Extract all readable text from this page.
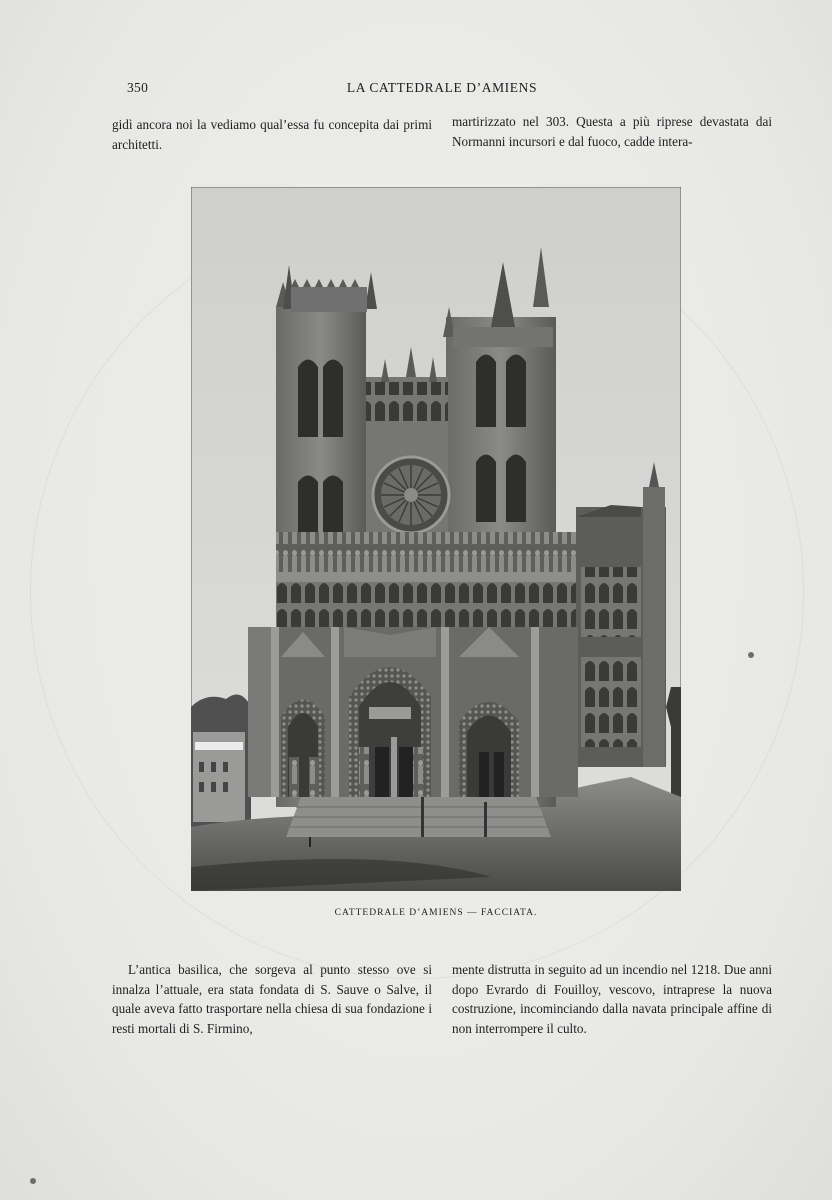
350	LA CATTEDRALE D’AMIENS

gidì ancora noi la vediamo qual’essa fu concepita dai primi architetti.

martirizzato nel 303. Questa a più riprese devastata dai Normanni incursori e dal fuoco, cadde intera-

CATTEDRALE D’AMIENS — FACCIATA.

L’antica basilica, che sorgeva al punto stesso ove si innalza l’attuale, era stata fondata di S. Sauve o Salve, il quale aveva fatto trasportare nella chiesa di sua fondazione i resti mortali di S. Firmino,

mente distrutta in seguito ad un incendio nel 1218. Due anni dopo Evrardo di Fouilloy, vescovo, intraprese la nuova costruzione, incominciando dalla navata principale affine di non interrompere il culto.
